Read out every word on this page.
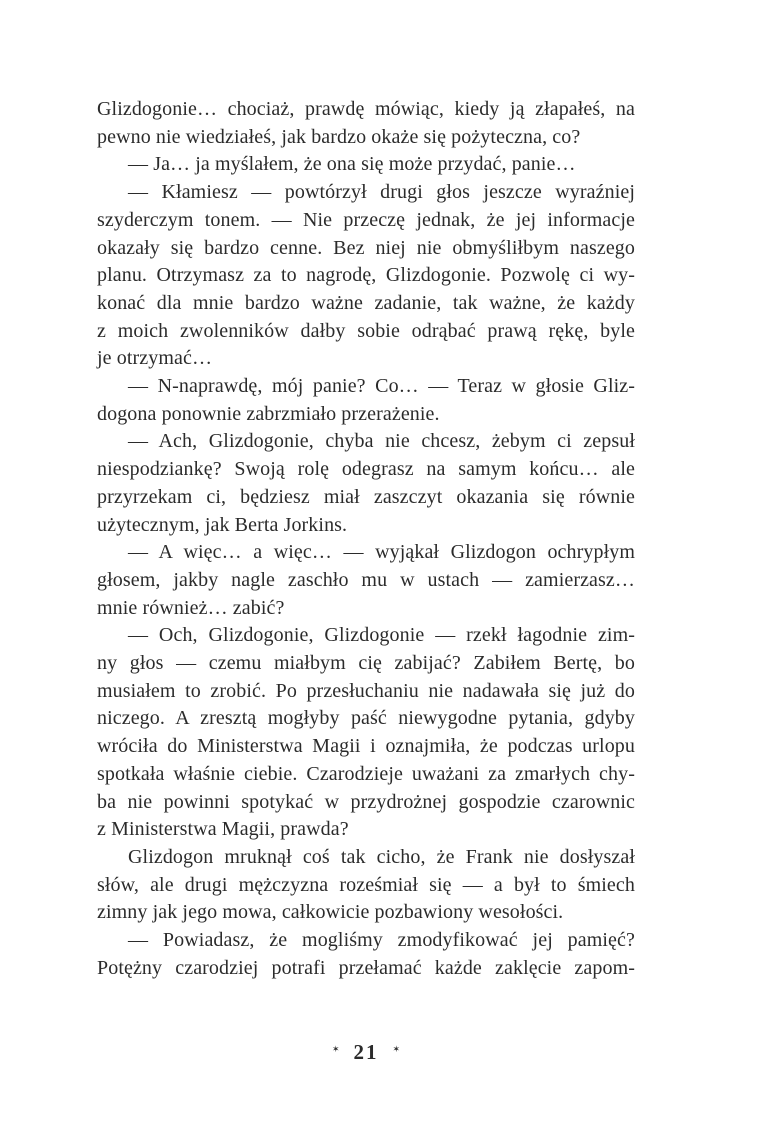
Glizdogonie… chociaż, prawdę mówiąc, kiedy ją złapałeś, na
pewno nie wiedziałeś, jak bardzo okaże się pożyteczna, co?
— Ja… ja myślałem, że ona się może przydać, panie…
— Kłamiesz — powtórzył drugi głos jeszcze wyraźniej
szyderczym tonem. — Nie przeczę jednak, że jej informacje
okazały się bardzo cenne. Bez niej nie obmyśliłbym naszego
planu. Otrzymasz za to nagrodę, Glizdogonie. Pozwolę ci wy-
konać dla mnie bardzo ważne zadanie, tak ważne, że każdy
z moich zwolenników dałby sobie odrąbać prawą rękę, byle
je otrzymać…
— N-naprawdę, mój panie? Co… — Teraz w głosie Gliz-
dogona ponownie zabrzmiało przerażenie.
— Ach, Glizdogonie, chyba nie chcesz, żebym ci zepsuł
niespodziankę? Swoją rolę odegrasz na samym końcu… ale
przyrzekam ci, będziesz miał zaszczyt okazania się równie
użytecznym, jak Berta Jorkins.
— A więc… a więc… — wyjąkał Glizdogon ochrypłym
głosem, jakby nagle zaschło mu w ustach — zamierzasz…
mnie również… zabić?
— Och, Glizdogonie, Glizdogonie — rzekł łagodnie zim-
ny głos — czemu miałbym cię zabijać? Zabiłem Bertę, bo
musiałem to zrobić. Po przesłuchaniu nie nadawała się już do
niczego. A zresztą mogłyby paść niewygodne pytania, gdyby
wróciła do Ministerstwa Magii i oznajmiła, że podczas urlopu
spotkała właśnie ciebie. Czarodzieje uważani za zmarłych chy-
ba nie powinni spotykać w przydrożnej gospodzie czarownic
z Ministerstwa Magii, prawda?
Glizdogon mruknął coś tak cicho, że Frank nie dosłyszał
słów, ale drugi mężczyzna roześmiał się — a był to śmiech
zimny jak jego mowa, całkowicie pozbawiony wesołości.
— Powiadasz, że mogliśmy zmodyfikować jej pamięć?
Potężny czarodziej potrafi przełamać każde zaklęcie zapom-
✶ 21 ✶
